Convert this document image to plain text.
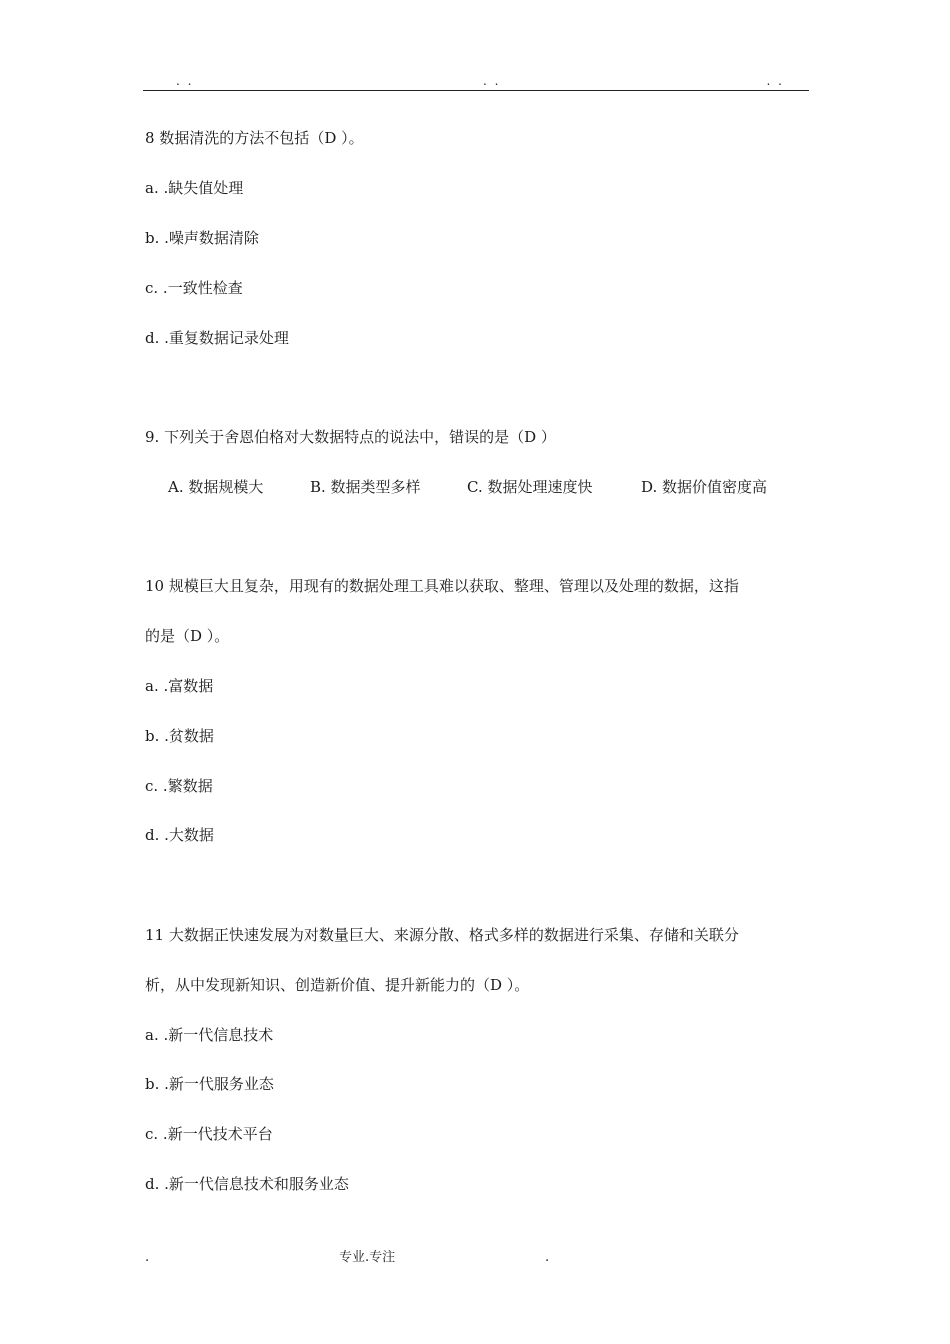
. .	. .	. .
8 数据清洗的方法不包括（D ）。
a. .缺失值处理
b. .噪声数据清除
c. .一致性检查
d. .重复数据记录处理
9. 下列关于舍恩伯格对大数据特点的说法中，错误的是（D ）
A. 数据规模大	B. 数据类型多样	C. 数据处理速度快	D. 数据价值密度高
10 规模巨大且复杂，用现有的数据处理工具难以获取、整理、管理以及处理的数据，这指
的是（D ）。
a. .富数据
b. .贫数据
c. .繁数据
d. .大数据
11 大数据正快速发展为对数量巨大、来源分散、格式多样的数据进行采集、存储和关联分
析，从中发现新知识、创造新价值、提升新能力的（D ）。
a. .新一代信息技术
b. .新一代服务业态
c. .新一代技术平台
d. .新一代信息技术和服务业态
.	专业.专注	.
